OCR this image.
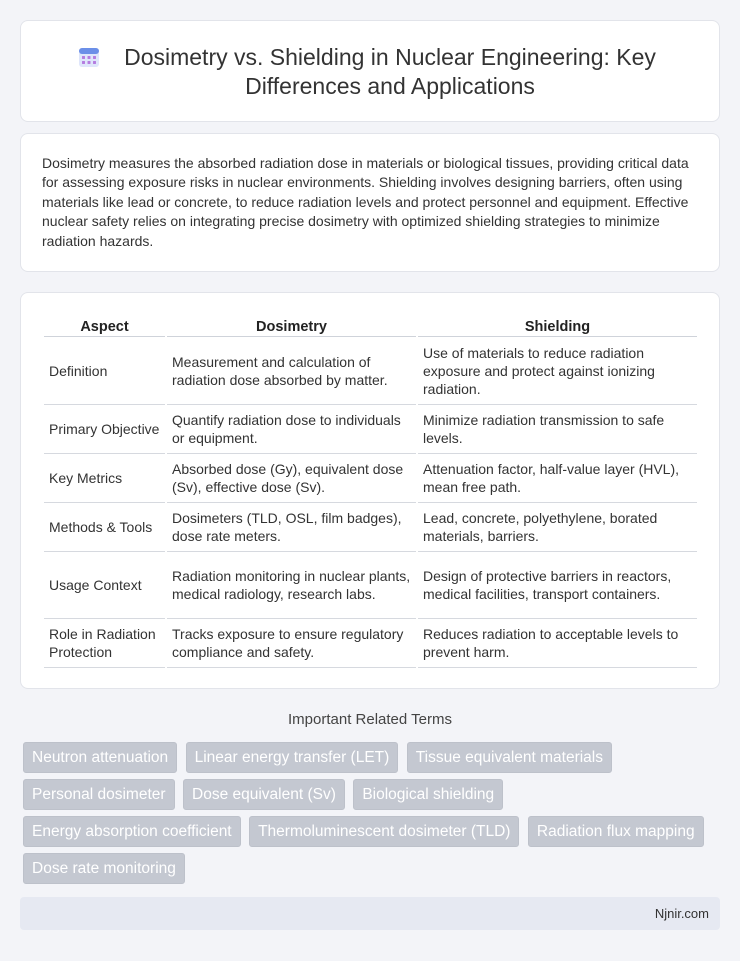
Dosimetry vs. Shielding in Nuclear Engineering: Key Differences and Applications

Dosimetry measures the absorbed radiation dose in materials or biological tissues, providing critical data for assessing exposure risks in nuclear environments. Shielding involves designing barriers, often using materials like lead or concrete, to reduce radiation levels and protect personnel and equipment. Effective nuclear safety relies on integrating precise dosimetry with optimized shielding strategies to minimize radiation hazards.

Aspect	Dosimetry	Shielding
Definition	Measurement and calculation of radiation dose absorbed by matter.	Use of materials to reduce radiation exposure and protect against ionizing radiation.
Primary Objective	Quantify radiation dose to individuals or equipment.	Minimize radiation transmission to safe levels.
Key Metrics	Absorbed dose (Gy), equivalent dose (Sv), effective dose (Sv).	Attenuation factor, half-value layer (HVL), mean free path.
Methods & Tools	Dosimeters (TLD, OSL, film badges), dose rate meters.	Lead, concrete, polyethylene, borated materials, barriers.
Usage Context	Radiation monitoring in nuclear plants, medical radiology, research labs.	Design of protective barriers in reactors, medical facilities, transport containers.
Role in Radiation Protection	Tracks exposure to ensure regulatory compliance and safety.	Reduces radiation to acceptable levels to prevent harm.
Important Related Terms
Neutron attenuation Linear energy transfer (LET) Tissue equivalent materials
Personal dosimeter Dose equivalent (Sv) Biological shielding
Energy absorption coefficient Thermoluminescent dosimeter (TLD) Radiation flux mapping
Dose rate monitoring
Njnir.com
